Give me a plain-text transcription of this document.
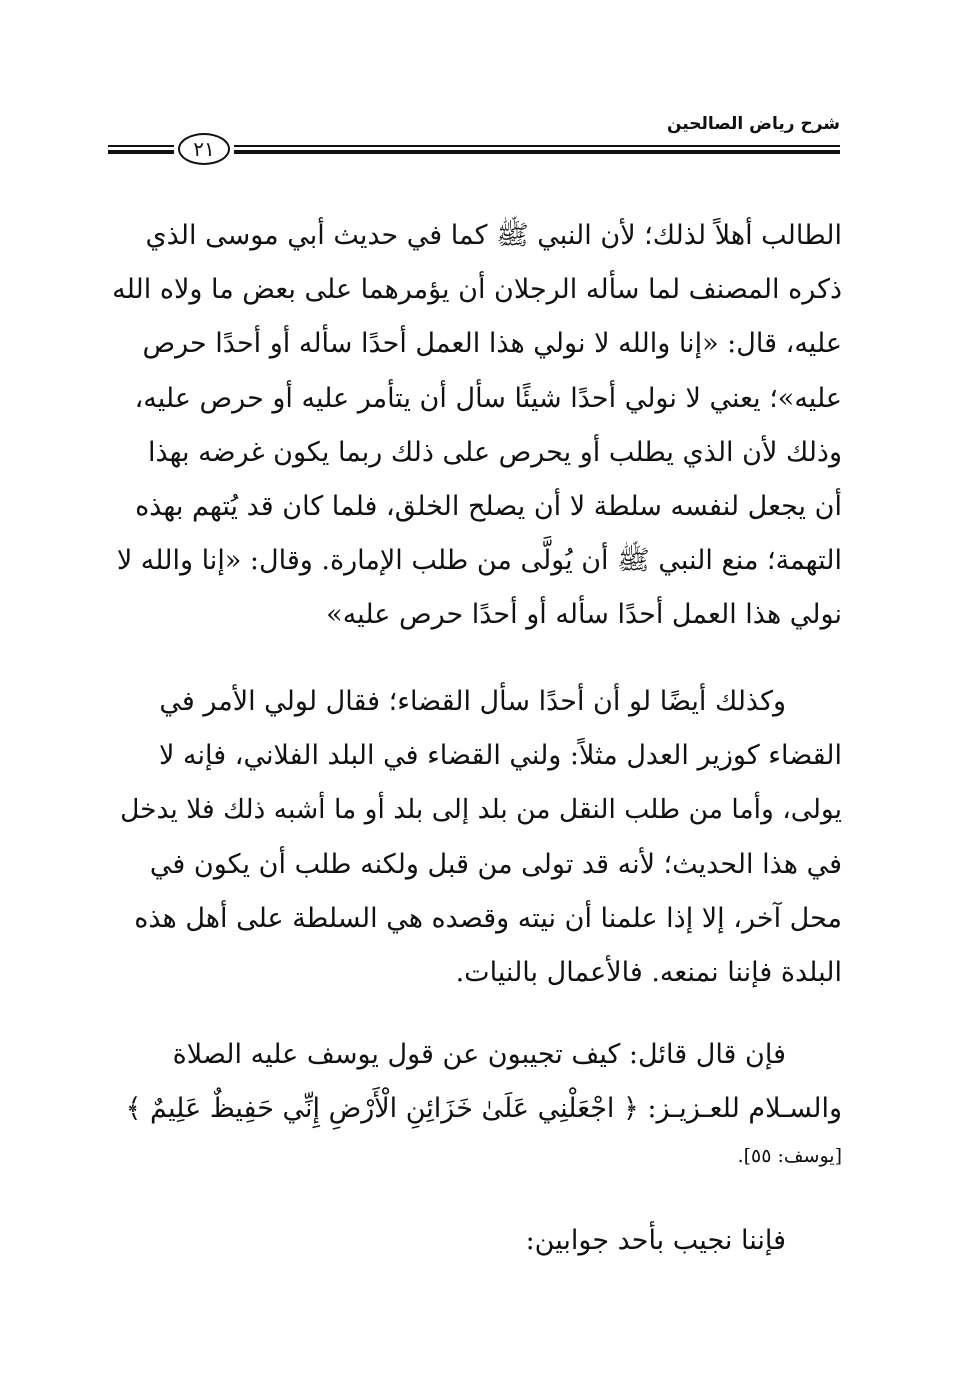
شرح رياض الصالحين
٢١
الطالب أهلاً لذلك؛ لأن النبي ﷺ كما في حديث أبي موسى الذي
ذكره المصنف لما سأله الرجلان أن يؤمرهما على بعض ما ولاه الله
عليه، قال: «إنا والله لا نولي هذا العمل أحدًا سأله أو أحدًا حرص
عليه»؛ يعني لا نولي أحدًا شيئًا سأل أن يتأمر عليه أو حرص عليه،
وذلك لأن الذي يطلب أو يحرص على ذلك ربما يكون غرضه بهذا
أن يجعل لنفسه سلطة لا أن يصلح الخلق، فلما كان قد يُتهم بهذه
التهمة؛ منع النبي ﷺ أن يُولَّى من طلب الإمارة. وقال: «إنا والله لا
نولي هذا العمل أحدًا سأله أو أحدًا حرص عليه»
وكذلك أيضًا لو أن أحدًا سأل القضاء؛ فقال لولي الأمر في
القضاء كوزير العدل مثلاً: ولني القضاء في البلد الفلاني، فإنه لا
يولى، وأما من طلب النقل من بلد إلى بلد أو ما أشبه ذلك فلا يدخل
في هذا الحديث؛ لأنه قد تولى من قبل ولكنه طلب أن يكون في
محل آخر، إلا إذا علمنا أن نيته وقصده هي السلطة على أهل هذه
البلدة فإننا نمنعه. فالأعمال بالنيات.
فإن قال قائل: كيف تجيبون عن قول يوسف عليه الصلاة
والسـلام للعـزيـز: ﴿ اجْعَلْنِي عَلَىٰ خَزَائِنِ الْأَرْضِ إِنِّي حَفِيظٌ عَلِيمٌ ﴾
[يوسف: ٥٥].
فإننا نجيب بأحد جوابين:
